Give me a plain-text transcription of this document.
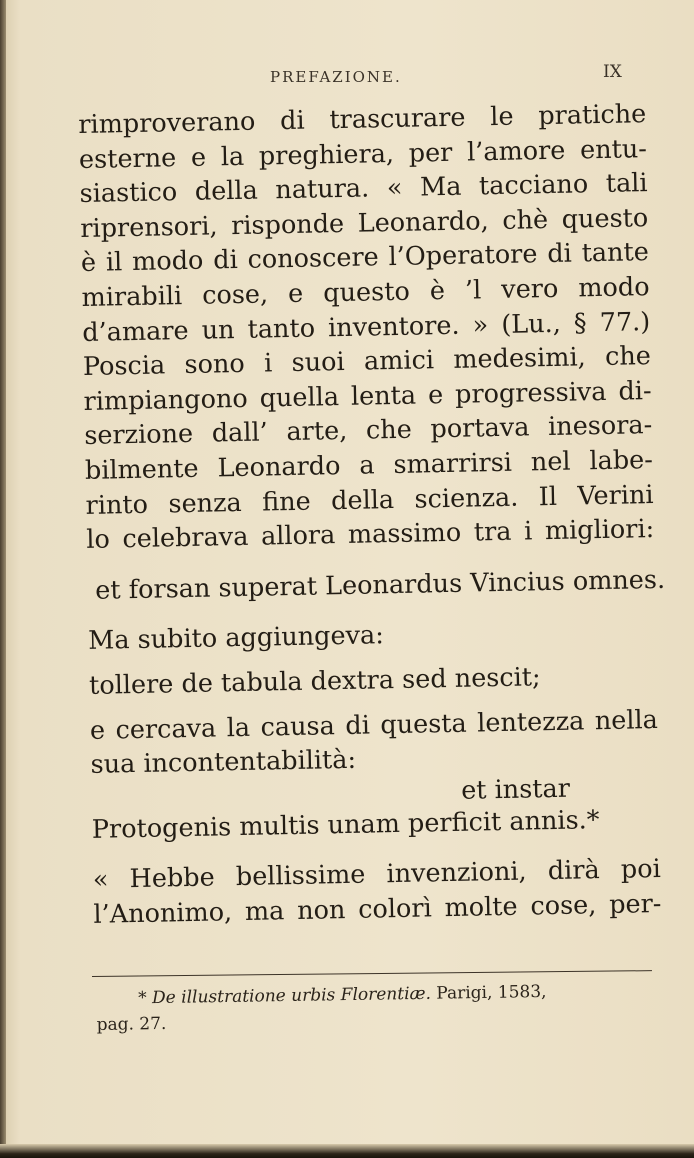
PREFAZIONE.	IX
rimproverano di trascurare le pratiche
esterne e la preghiera, per l’amore entu-
siastico della natura. « Ma tacciano tali
riprensori, risponde Leonardo, chè questo
è il modo di conoscere l’Operatore di tante
mirabili cose, e questo è ’l vero modo
d’amare un tanto inventore. » (Lu., § 77.)
Poscia sono i suoi amici medesimi, che
rimpiangono quella lenta e progressiva di-
serzione dall’ arte, che portava inesora-
bilmente Leonardo a smarrirsi nel labe-
rinto senza fine della scienza. Il Verini
lo celebrava allora massimo tra i migliori:
et forsan superat Leonardus Vincius omnes.
Ma subito aggiungeva:
tollere de tabula dextra sed nescit;
e cercava la causa di questa lentezza nella
sua incontentabilità:
et instar
Protogenis multis unam perficit annis.*
« Hebbe bellissime invenzioni, dirà poi
l’Anonimo, ma non colorì molte cose, per-
* De illustratione urbis Florentiæ. Parigi, 1583,
pag. 27.
